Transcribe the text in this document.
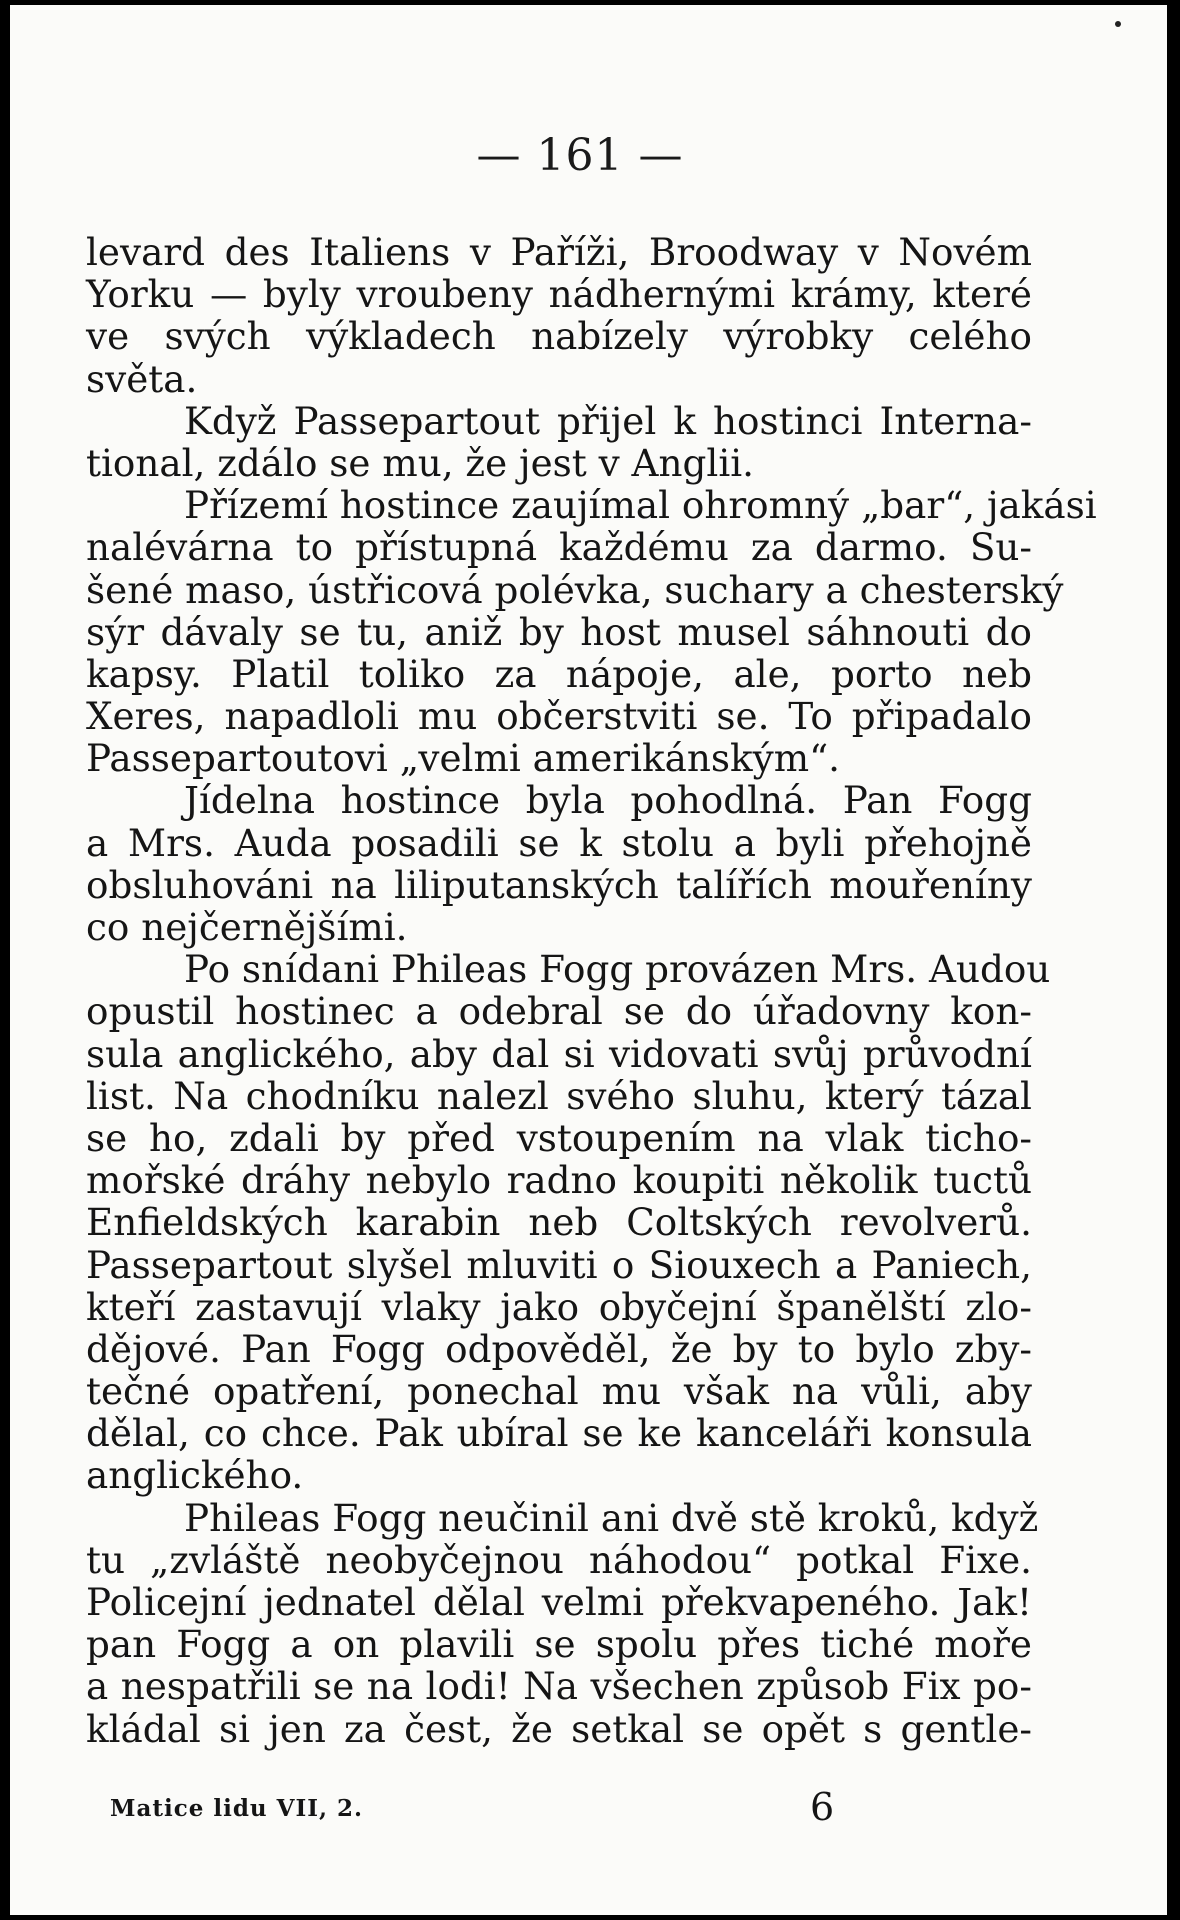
— 161 —
levard des Italiens v Paříži, Broodway v Novém
Yorku — byly vroubeny nádhernými krámy, které
ve svých výkladech nabízely výrobky celého
světa.
Když Passepartout přijel k hostinci Interna-
tional, zdálo se mu, že jest v Anglii.
Přízemí hostince zaujímal ohromný „bar“, jakási
nalévárna to přístupná každému za darmo. Su-
šené maso, ústřicová polévka, suchary a chesterský
sýr dávaly se tu, aniž by host musel sáhnouti do
kapsy. Platil toliko za nápoje, ale, porto neb
Xeres, napadloli mu občerstviti se. To připadalo
Passepartoutovi „velmi amerikánským“.
Jídelna hostince byla pohodlná. Pan Fogg
a Mrs. Auda posadili se k stolu a byli přehojně
obsluhováni na liliputanských talířích mouřeníny
co nejčernějšími.
Po snídani Phileas Fogg provázen Mrs. Audou
opustil hostinec a odebral se do úřadovny kon-
sula anglického, aby dal si vidovati svůj průvodní
list. Na chodníku nalezl svého sluhu, který tázal
se ho, zdali by před vstoupením na vlak ticho-
mořské dráhy nebylo radno koupiti několik tuctů
Enfieldských karabin neb Coltských revolverů.
Passepartout slyšel mluviti o Siouxech a Paniech,
kteří zastavují vlaky jako obyčejní španělští zlo-
dějové. Pan Fogg odpověděl, že by to bylo zby-
tečné opatření, ponechal mu však na vůli, aby
dělal, co chce. Pak ubíral se ke kanceláři konsula
anglického.
Phileas Fogg neučinil ani dvě stě kroků, když
tu „zvláště neobyčejnou náhodou“ potkal Fixe.
Policejní jednatel dělal velmi překvapeného. Jak!
pan Fogg a on plavili se spolu přes tiché moře
a nespatřili se na lodi! Na všechen způsob Fix po-
kládal si jen za čest, že setkal se opět s gentle-
Matice lidu VII, 2.	6
